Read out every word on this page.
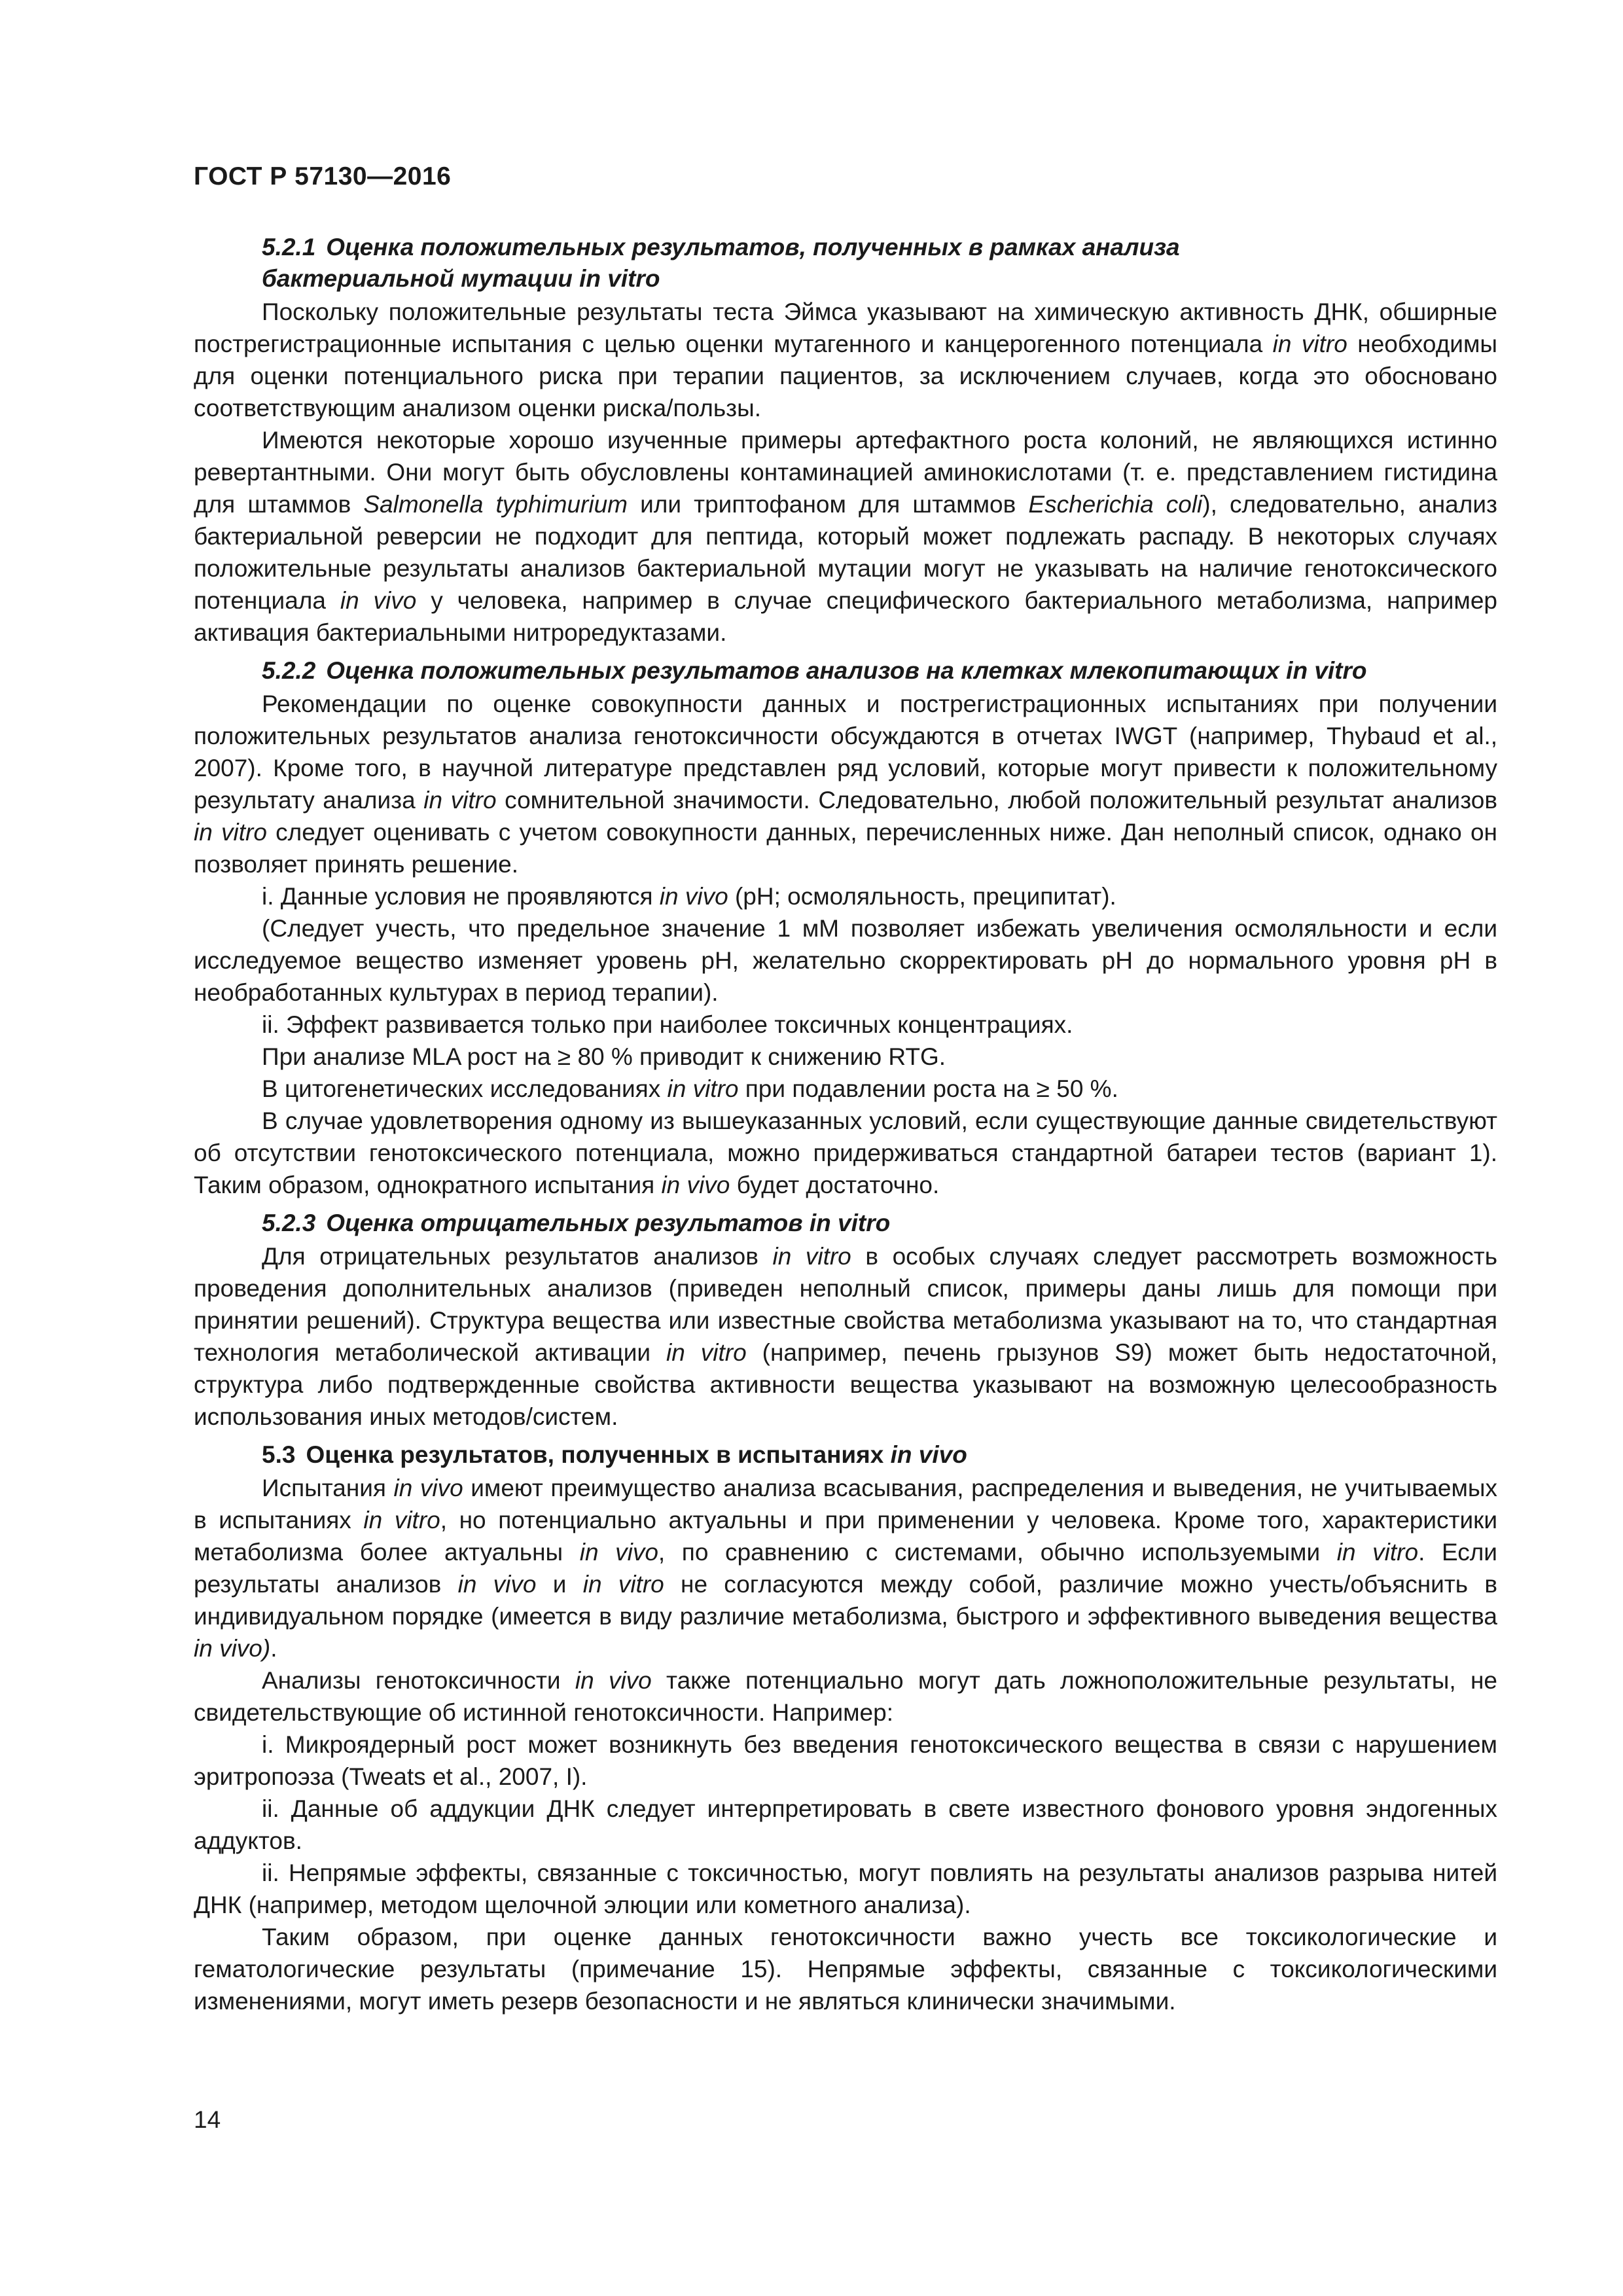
ГОСТ Р 57130—2016
5.2.1 Оценка положительных результатов, полученных в рамках анализа
бактериальной мутации in vitro

Поскольку положительные результаты теста Эймса указывают на химическую активность ДНК, обширные пострегистрационные испытания с целью оценки мутагенного и канцерогенного потенциала in vitro необходимы для оценки потенциального риска при терапии пациентов, за исключением случаев, когда это обосновано соответствующим анализом оценки риска/пользы.

Имеются некоторые хорошо изученные примеры артефактного роста колоний, не являющихся истинно ревертантными. Они могут быть обусловлены контаминацией аминокислотами (т. е. представлением гистидина для штаммов Salmonella typhimurium или триптофаном для штаммов Escherichia coli), следовательно, анализ бактериальной реверсии не подходит для пептида, который может подлежать распаду. В некоторых случаях положительные результаты анализов бактериальной мутации могут не указывать на наличие генотоксического потенциала in vivo у человека, например в случае специфического бактериального метаболизма, например активация бактериальными нитроредуктазами.

5.2.2 Оценка положительных результатов анализов на клетках млекопитающих in vitro

Рекомендации по оценке совокупности данных и пострегистрационных испытаниях при получении положительных результатов анализа генотоксичности обсуждаются в отчетах IWGT (например, Thybaud et al., 2007). Кроме того, в научной литературе представлен ряд условий, которые могут привести к положительному результату анализа in vitro сомнительной значимости. Следовательно, любой положительный результат анализов in vitro следует оценивать с учетом совокупности данных, перечисленных ниже. Дан неполный список, однако он позволяет принять решение.

i. Данные условия не проявляются in vivo (pH; осмоляльность, преципитат).

(Следует учесть, что предельное значение 1 мМ позволяет избежать увеличения осмоляльности и если исследуемое вещество изменяет уровень pH, желательно скорректировать pH до нормального уровня pH в необработанных культурах в период терапии).

ii. Эффект развивается только при наиболее токсичных концентрациях.

При анализе MLA рост на ≥ 80 % приводит к снижению RTG.

В цитогенетических исследованиях in vitro при подавлении роста на ≥ 50 %.

В случае удовлетворения одному из вышеуказанных условий, если существующие данные свидетельствуют об отсутствии генотоксического потенциала, можно придерживаться стандартной батареи тестов (вариант 1). Таким образом, однократного испытания in vivo будет достаточно.

5.2.3 Оценка отрицательных результатов in vitro

Для отрицательных результатов анализов in vitro в особых случаях следует рассмотреть возможность проведения дополнительных анализов (приведен неполный список, примеры даны лишь для помощи при принятии решений). Структура вещества или известные свойства метаболизма указывают на то, что стандартная технология метаболической активации in vitro (например, печень грызунов S9) может быть недостаточной, структура либо подтвержденные свойства активности вещества указывают на возможную целесообразность использования иных методов/систем.

5.3 Оценка результатов, полученных в испытаниях in vivo

Испытания in vivo имеют преимущество анализа всасывания, распределения и выведения, не учитываемых в испытаниях in vitro, но потенциально актуальны и при применении у человека. Кроме того, характеристики метаболизма более актуальны in vivo, по сравнению с системами, обычно используемыми in vitro. Если результаты анализов in vivo и in vitro не согласуются между собой, различие можно учесть/объяснить в индивидуальном порядке (имеется в виду различие метаболизма, быстрого и эффективного выведения вещества in vivo).

Анализы генотоксичности in vivo также потенциально могут дать ложноположительные результаты, не свидетельствующие об истинной генотоксичности. Например:

i. Микроядерный рост может возникнуть без введения генотоксического вещества в связи с нарушением эритропоэза (Tweats et al., 2007, I).

ii. Данные об аддукции ДНК следует интерпретировать в свете известного фонового уровня эндогенных аддуктов.

ii. Непрямые эффекты, связанные с токсичностью, могут повлиять на результаты анализов разрыва нитей ДНК (например, методом щелочной элюции или кометного анализа).

Таким образом, при оценке данных генотоксичности важно учесть все токсикологические и гематологические результаты (примечание 15). Непрямые эффекты, связанные с токсикологическими изменениями, могут иметь резерв безопасности и не являться клинически значимыми.

14
